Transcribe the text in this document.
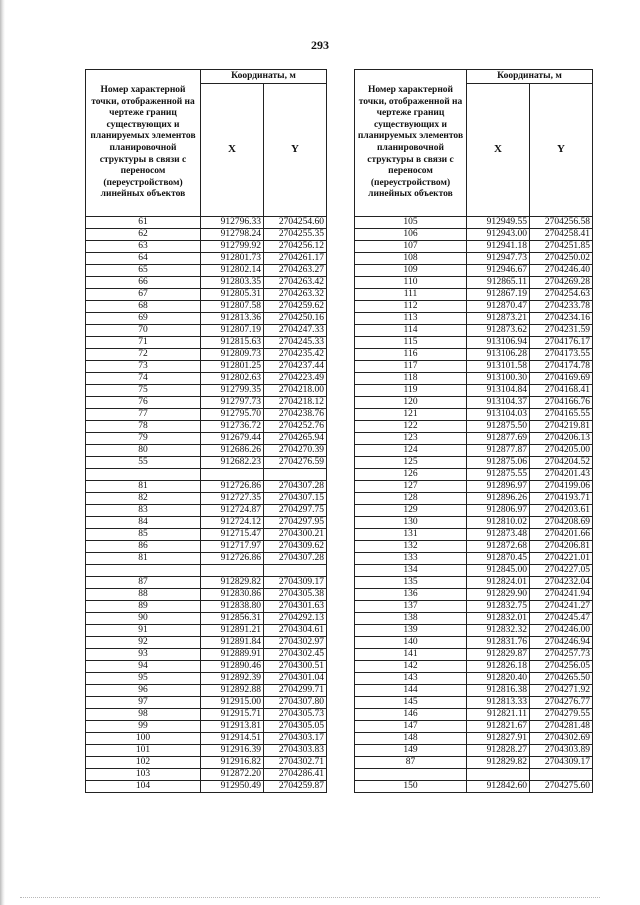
293
Номер характерной точки, отображенной на чертеже границ существующих и планируемых элементов планировочной структуры в связи с переносом (переустройством) линейных объектов	Координаты, м	
	X	Y
61	912796.33	2704254.60
62	912798.24	2704255.35
63	912799.92	2704256.12
64	912801.73	2704261.17
65	912802.14	2704263.27
66	912803.35	2704263.42
67	912805.31	2704263.32
68	912807.58	2704259.62
69	912813.36	2704250.16
70	912807.19	2704247.33
71	912815.63	2704245.33
72	912809.73	2704235.42
73	912801.25	2704237.44
74	912802.63	2704223.49
75	912799.35	2704218.00
76	912797.73	2704218.12
77	912795.70	2704238.76
78	912736.72	2704252.76
79	912679.44	2704265.94
80	912686.26	2704270.39
55	912682.23	2704276.59

81	912726.86	2704307.28
82	912727.35	2704307.15
83	912724.87	2704297.75
84	912724.12	2704297.95
85	912715.47	2704300.21
86	912717.97	2704309.62
81	912726.86	2704307.28

87	912829.82	2704309.17
88	912830.86	2704305.38
89	912838.80	2704301.63
90	912856.31	2704292.13
91	912891.21	2704304.61
92	912891.84	2704302.97
93	912889.91	2704302.45
94	912890.46	2704300.51
95	912892.39	2704301.04
96	912892.88	2704299.71
97	912915.00	2704307.80
98	912915.71	2704305.73
99	912913.81	2704305.05
100	912914.51	2704303.17
101	912916.39	2704303.83
102	912916.82	2704302.71
103	912872.20	2704286.41
104	912950.49	2704259.87
Номер характерной точки, отображенной на чертеже границ существующих и планируемых элементов планировочной структуры в связи с переносом (переустройством) линейных объектов	Координаты, м	
	X	Y
105	912949.55	2704256.58
106	912943.00	2704258.41
107	912941.18	2704251.85
108	912947.73	2704250.02
109	912946.67	2704246.40
110	912865.11	2704269.28
111	912867.19	2704254.63
112	912870.47	2704233.78
113	912873.21	2704234.16
114	912873.62	2704231.59
115	913106.94	2704176.17
116	913106.28	2704173.55
117	913101.58	2704174.78
118	913100.30	2704169.69
119	913104.84	2704168.41
120	913104.37	2704166.76
121	913104.03	2704165.55
122	912875.50	2704219.81
123	912877.69	2704206.13
124	912877.87	2704205.00
125	912875.06	2704204.52
126	912875.55	2704201.43
127	912896.97	2704199.06
128	912896.26	2704193.71
129	912806.97	2704203.61
130	912810.02	2704208.69
131	912873.48	2704201.66
132	912872.68	2704206.81
133	912870.45	2704221.01
134	912845.00	2704227.05
135	912824.01	2704232.04
136	912829.90	2704241.94
137	912832.75	2704241.27
138	912832.01	2704245.47
139	912832.32	2704246.00
140	912831.76	2704246.94
141	912829.87	2704257.73
142	912826.18	2704256.05
143	912820.40	2704265.50
144	912816.38	2704271.92
145	912813.33	2704276.77
146	912821.11	2704279.55
147	912821.67	2704281.48
148	912827.91	2704302.69
149	912828.27	2704303.89
87	912829.82	2704309.17

150	912842.60	2704275.60
